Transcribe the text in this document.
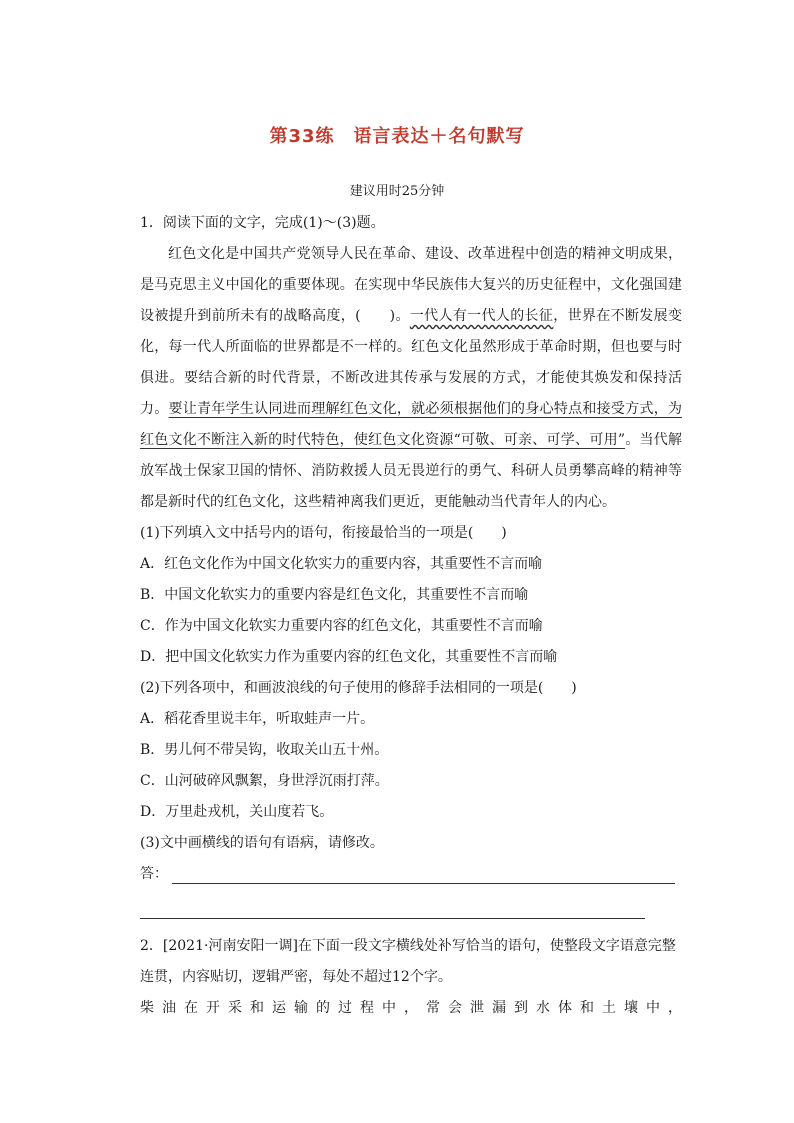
第33练　语言表达＋名句默写
建议用时25分钟

1．阅读下面的文字，完成(1)～(3)题。

红色文化是中国共产党领导人民在革命、建设、改革进程中创造的精神文明成果，是马克思主义中国化的重要体现。在实现中华民族伟大复兴的历史征程中，文化强国建设被提升到前所未有的战略高度，(　　)。一代人有一代人的长征，世界在不断发展变化，每一代人所面临的世界都是不一样的。红色文化虽然形成于革命时期，但也要与时俱进。要结合新的时代背景，不断改进其传承与发展的方式，才能使其焕发和保持活力。要让青年学生认同进而理解红色文化，就必须根据他们的身心特点和接受方式，为红色文化不断注入新的时代特色，使红色文化资源“可敬、可亲、可学、可用”。当代解放军战士保家卫国的情怀、消防救援人员无畏逆行的勇气、科研人员勇攀高峰的精神等都是新时代的红色文化，这些精神离我们更近，更能触动当代青年人的内心。

(1)下列填入文中括号内的语句，衔接最恰当的一项是(　　)

A．红色文化作为中国文化软实力的重要内容，其重要性不言而喻

B．中国文化软实力的重要内容是红色文化，其重要性不言而喻

C．作为中国文化软实力重要内容的红色文化，其重要性不言而喻

D．把中国文化软实力作为重要内容的红色文化，其重要性不言而喻

(2)下列各项中，和画波浪线的句子使用的修辞手法相同的一项是(　　)

A．稻花香里说丰年，听取蛙声一片。

B．男儿何不带吴钩，收取关山五十州。

C．山河破碎风飘絮，身世浮沉雨打萍。

D．万里赴戎机，关山度若飞。

(3)文中画横线的语句有语病，请修改。

答：

2．[2021·河南安阳一调]在下面一段文字横线处补写恰当的语句，使整段文字语意完整连贯，内容贴切，逻辑严密，每处不超过12个字。

柴油在开采和运输的过程中，常会泄漏到水体和土壤中，
